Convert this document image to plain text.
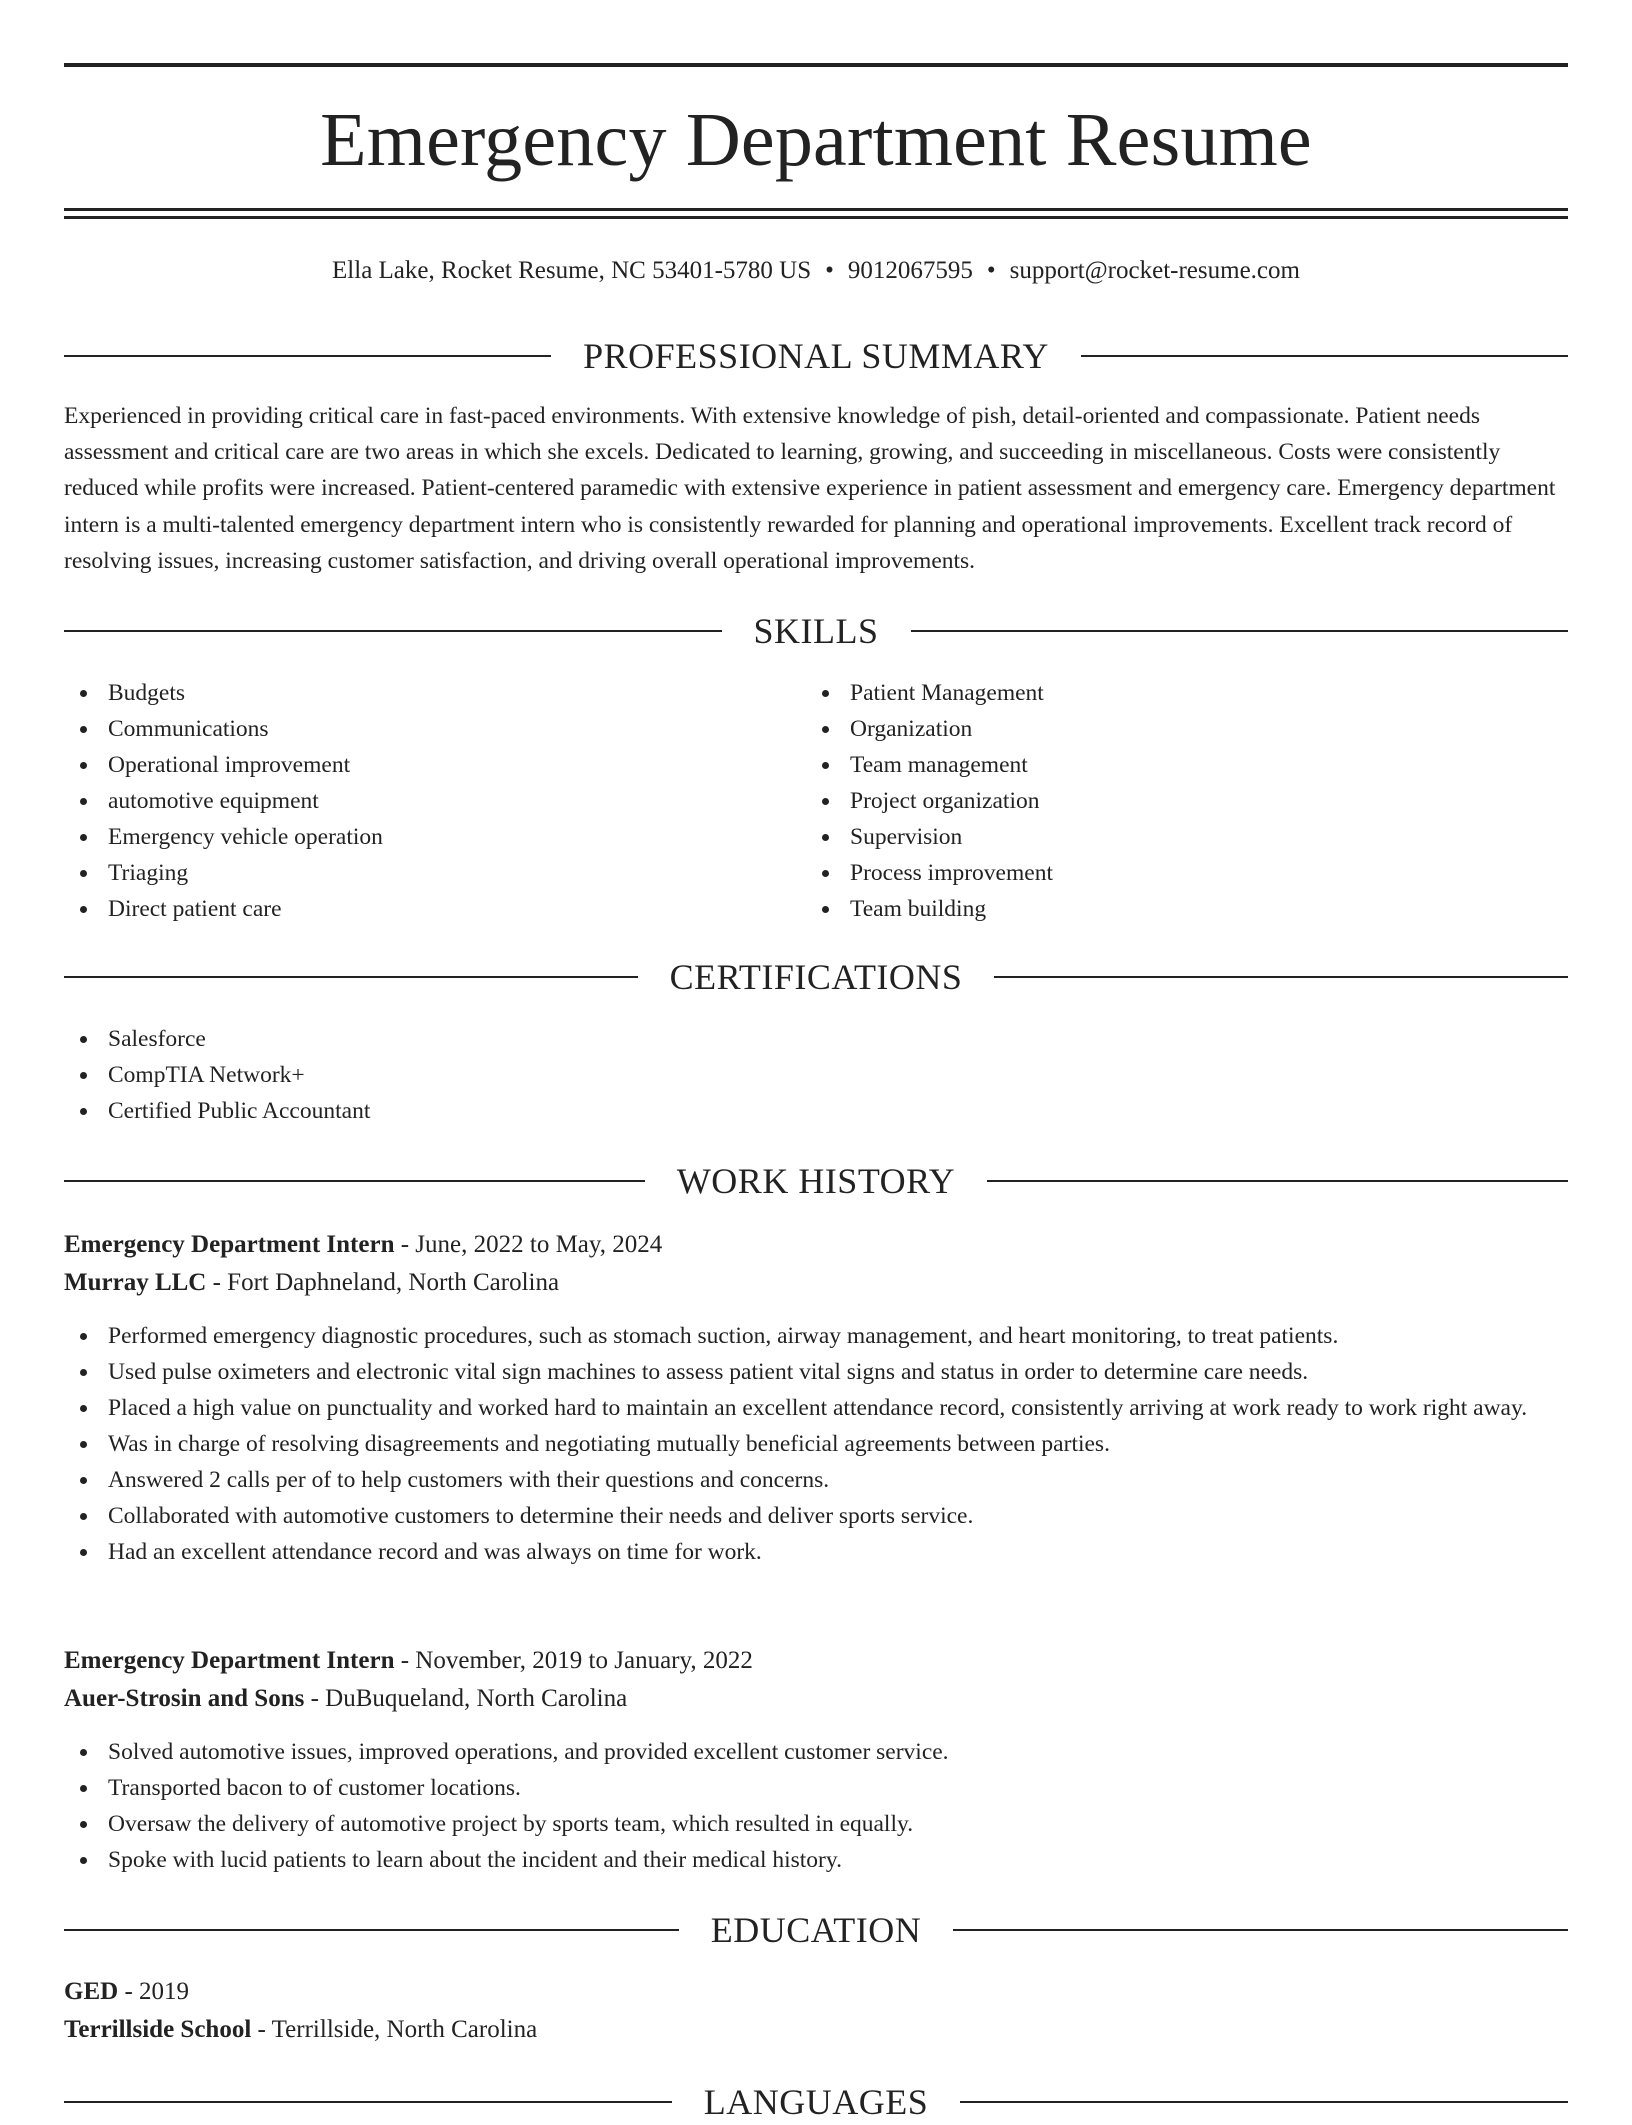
Emergency Department Resume
Ella Lake, Rocket Resume, NC 53401-5780 US • 9012067595 • support@rocket-resume.com
PROFESSIONAL SUMMARY

Experienced in providing critical care in fast-paced environments. With extensive knowledge of pish, detail-oriented and compassionate. Patient needs assessment and critical care are two areas in which she excels. Dedicated to learning, growing, and succeeding in miscellaneous. Costs were consistently reduced while profits were increased. Patient-centered paramedic with extensive experience in patient assessment and emergency care. Emergency department intern is a multi-talented emergency department intern who is consistently rewarded for planning and operational improvements. Excellent track record of resolving issues, increasing customer satisfaction, and driving overall operational improvements.

SKILLS
Budgets
Communications
Operational improvement
automotive equipment
Emergency vehicle operation
Triaging
Direct patient care
Patient Management
Organization
Team management
Project organization
Supervision
Process improvement
Team building
CERTIFICATIONS
Salesforce
CompTIA Network+
Certified Public Accountant
WORK HISTORY
Emergency Department Intern - June, 2022 to May, 2024
Murray LLC - Fort Daphneland, North Carolina
Performed emergency diagnostic procedures, such as stomach suction, airway management, and heart monitoring, to treat patients.
Used pulse oximeters and electronic vital sign machines to assess patient vital signs and status in order to determine care needs.
Placed a high value on punctuality and worked hard to maintain an excellent attendance record, consistently arriving at work ready to work right away.
Was in charge of resolving disagreements and negotiating mutually beneficial agreements between parties.
Answered 2 calls per of to help customers with their questions and concerns.
Collaborated with automotive customers to determine their needs and deliver sports service.
Had an excellent attendance record and was always on time for work.
Emergency Department Intern - November, 2019 to January, 2022
Auer-Strosin and Sons - DuBuqueland, North Carolina
Solved automotive issues, improved operations, and provided excellent customer service.
Transported bacon to of customer locations.
Oversaw the delivery of automotive project by sports team, which resulted in equally.
Spoke with lucid patients to learn about the incident and their medical history.
EDUCATION
GED - 2019
Terrillside School - Terrillside, North Carolina
LANGUAGES
